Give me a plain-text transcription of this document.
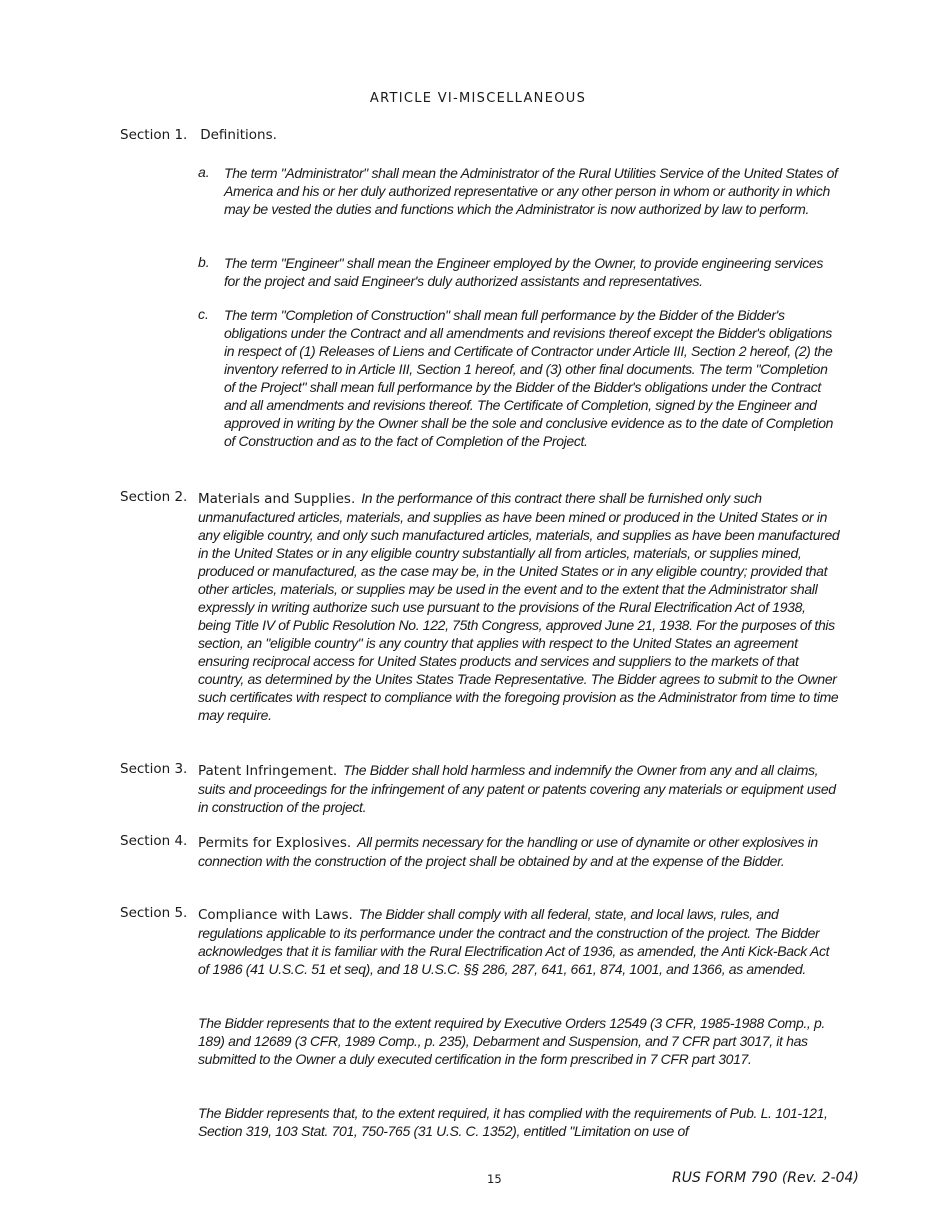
ARTICLE VI-MISCELLANEOUS
Section 1.   Definitions.
a. The term "Administrator" shall mean the Administrator of the Rural Utilities Service of the United States of America and his or her duly authorized representative or any other person in whom or authority in which may be vested the duties and functions which the Administrator is now authorized by law to perform.
b. The term "Engineer" shall mean the Engineer employed by the Owner, to provide engineering services for the project and said Engineer's duly authorized assistants and representatives.
c. The term "Completion of Construction" shall mean full performance by the Bidder of the Bidder's obligations under the Contract and all amendments and revisions thereof except the Bidder's obligations in respect of (1) Releases of Liens and Certificate of Contractor under Article III, Section 2 hereof, (2) the inventory referred to in Article III, Section 1 hereof, and (3) other final documents. The term "Completion of the Project" shall mean full performance by the Bidder of the Bidder's obligations under the Contract and all amendments and revisions thereof. The Certificate of Completion, signed by the Engineer and approved in writing by the Owner shall be the sole and conclusive evidence as to the date of Completion of Construction and as to the fact of Completion of the Project.
Section 2. Materials and Supplies. In the performance of this contract there shall be furnished only such unmanufactured articles, materials, and supplies as have been mined or produced in the United States or in any eligible country, and only such manufactured articles, materials, and supplies as have been manufactured in the United States or in any eligible country substantially all from articles, materials, or supplies mined, produced or manufactured, as the case may be, in the United States or in any eligible country; provided that other articles, materials, or supplies may be used in the event and to the extent that the Administrator shall expressly in writing authorize such use pursuant to the provisions of the Rural Electrification Act of 1938, being Title IV of Public Resolution No. 122, 75th Congress, approved June 21, 1938. For the purposes of this section, an "eligible country" is any country that applies with respect to the United States an agreement ensuring reciprocal access for United States products and services and suppliers to the markets of that country, as determined by the Unites States Trade Representative. The Bidder agrees to submit to the Owner such certificates with respect to compliance with the foregoing provision as the Administrator from time to time may require.
Section 3. Patent Infringement. The Bidder shall hold harmless and indemnify the Owner from any and all claims, suits and proceedings for the infringement of any patent or patents covering any materials or equipment used in construction of the project.
Section 4. Permits for Explosives. All permits necessary for the handling or use of dynamite or other explosives in connection with the construction of the project shall be obtained by and at the expense of the Bidder.
Section 5. Compliance with Laws. The Bidder shall comply with all federal, state, and local laws, rules, and regulations applicable to its performance under the contract and the construction of the project. The Bidder acknowledges that it is familiar with the Rural Electrification Act of 1936, as amended, the Anti Kick-Back Act of 1986 (41 U.S.C. 51 et seq), and 18 U.S.C. §§ 286, 287, 641, 661, 874, 1001, and 1366, as amended.
The Bidder represents that to the extent required by Executive Orders 12549 (3 CFR, 1985-1988 Comp., p. 189) and 12689 (3 CFR, 1989 Comp., p. 235), Debarment and Suspension, and 7 CFR part 3017, it has submitted to the Owner a duly executed certification in the form prescribed in 7 CFR part 3017.
The Bidder represents that, to the extent required, it has complied with the requirements of Pub. L. 101-121, Section 319, 103 Stat. 701, 750-765 (31 U.S. C. 1352), entitled "Limitation on use of
15	RUS FORM 790 (Rev. 2-04)
